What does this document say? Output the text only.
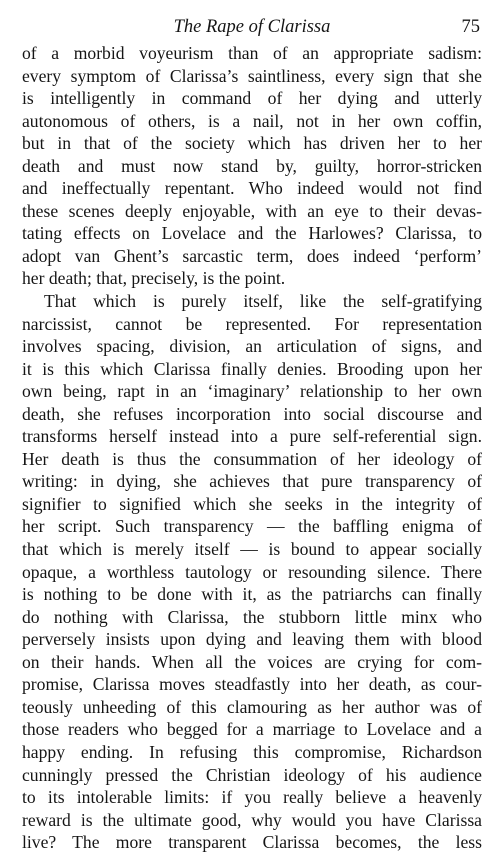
The Rape of Clarissa	75
of a morbid voyeurism than of an appropriate sadism:
every symptom of Clarissa’s saintliness, every sign that she
is intelligently in command of her dying and utterly
autonomous of others, is a nail, not in her own coffin,
but in that of the society which has driven her to her
death and must now stand by, guilty, horror-stricken
and ineffectually repentant. Who indeed would not find
these scenes deeply enjoyable, with an eye to their devas-
tating effects on Lovelace and the Harlowes? Clarissa, to
adopt van Ghent’s sarcastic term, does indeed ‘perform’
her death; that, precisely, is the point.
That which is purely itself, like the self-gratifying
narcissist, cannot be represented. For representation
involves spacing, division, an articulation of signs, and
it is this which Clarissa finally denies. Brooding upon her
own being, rapt in an ‘imaginary’ relationship to her own
death, she refuses incorporation into social discourse and
transforms herself instead into a pure self-referential sign.
Her death is thus the consummation of her ideology of
writing: in dying, she achieves that pure transparency of
signifier to signified which she seeks in the integrity of
her script. Such transparency — the baffling enigma of
that which is merely itself — is bound to appear socially
opaque, a worthless tautology or resounding silence. There
is nothing to be done with it, as the patriarchs can finally
do nothing with Clarissa, the stubborn little minx who
perversely insists upon dying and leaving them with blood
on their hands. When all the voices are crying for com-
promise, Clarissa moves steadfastly into her death, as cour-
teously unheeding of this clamouring as her author was of
those readers who begged for a marriage to Lovelace and a
happy ending. In refusing this compromise, Richardson
cunningly pressed the Christian ideology of his audience
to its intolerable limits: if you really believe a heavenly
reward is the ultimate good, why would you have Clarissa
live? The more transparent Clarissa becomes, the less
